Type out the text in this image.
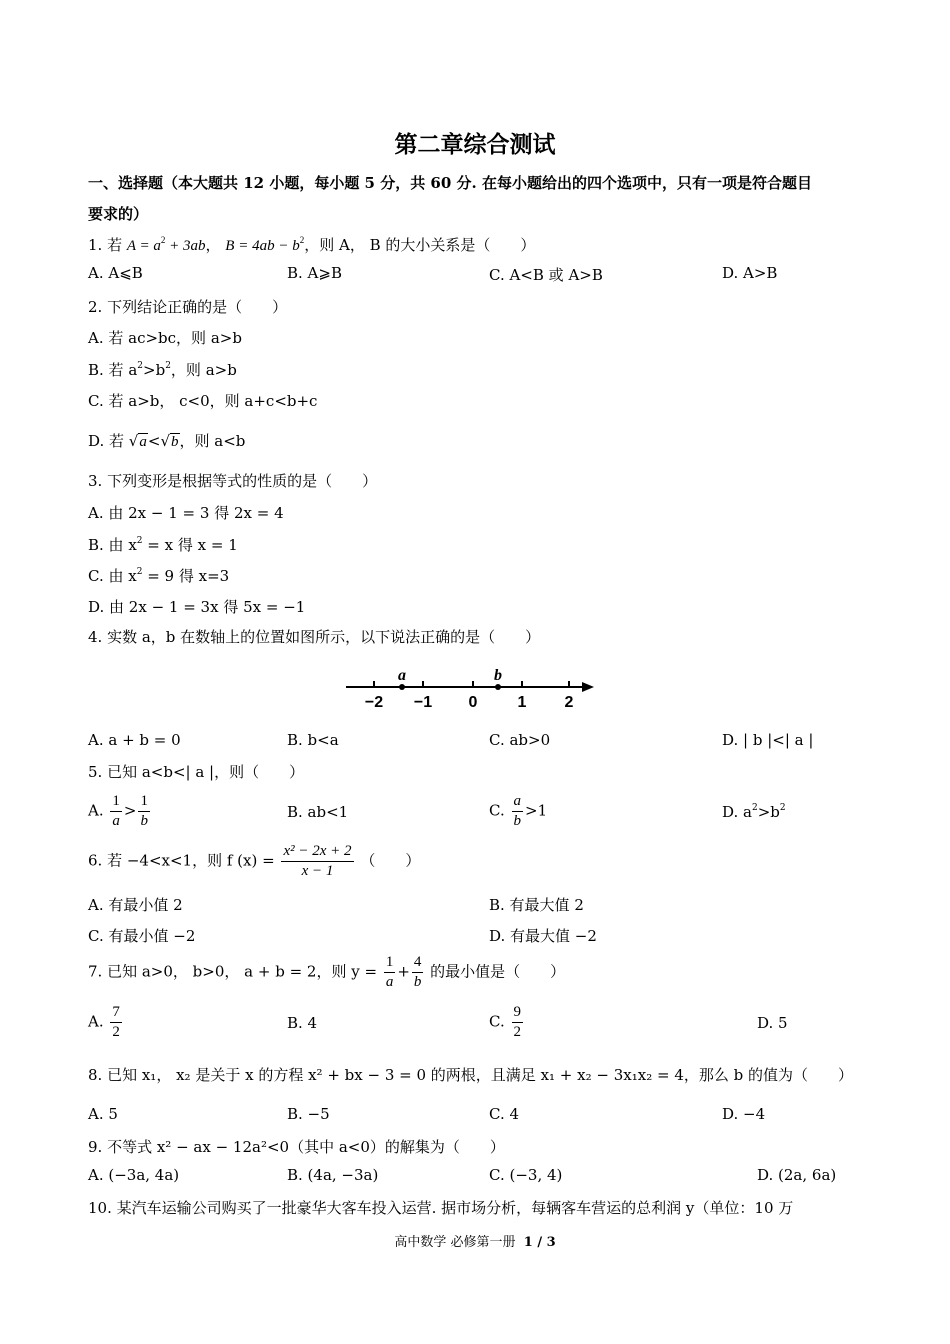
第二章综合测试
一、选择题（本大题共 12 小题，每小题 5 分，共 60 分. 在每小题给出的四个选项中，只有一项是符合题目
要求的）
1. 若 $A = a^2 + 3ab$， $B = 4ab - b^2$，则 A， B 的大小关系是（　　）
A. A⩽B	B. A⩾B	C. A<B 或 A>B	D. A>B
2. 下列结论正确的是（　　）
A. 若 ac>bc，则 a>b
B. 若 $a^2>b^2$，则 a>b
C. 若 a>b， c<0，则 a+c<b+c
D. 若 √a<√b，则 a<b
3. 下列变形是根据等式的性质的是（　　）
A. 由 2x − 1 = 3 得 2x = 4
B. 由 $x^2 = x$ 得 x = 1
C. 由 $x^2 = 9$ 得 x=3
D. 由 2x − 1 = 3x 得 5x = −1
4. 实数 a，b 在数轴上的位置如图所示，以下说法正确的是（　　）
a	b
−2 −1 0	1 2
A. a + b = 0	B. b<a	C. ab>0	D. | b |<| a |
5. 已知 a<b<| a |，则（　　）
A. $\frac{1}{a} > \frac{1}{b}$	B. ab<1	C. $\frac{a}{b} >1$	D. $a^2>b^2$
6. 若 −4<x<1，则 f $(x) = \frac{\text{x² − 2x + 2}}{x - 1}$ （　　）
A. 有最小值 2	B. 有最大值 2
C. 有最小值 −2	D. 有最大值 −2
7. 已知 a>0， b>0， a + b = 2，则 $y = \frac{1}{a} + \frac{4}{b}$ 的最小值是（　　）
A. $\frac{7}{2}$	B. 4	C. $\frac{9}{2}$	D. 5
8. 已知 x₁， x₂ 是关于 x 的方程 x² + bx − 3 = 0 的两根，且满足 x₁ + x₂ − 3x₁x₂ = 4，那么 b 的值为（　　）
A. 5	B. −5	C. 4	D. −4
9. 不等式 x² − ax − 12a²<0（其中 a<0）的解集为（　　）
A. (−3a, 4a)	B. (4a, −3a)	C. (−3, 4)	D. (2a, 6a)
10. 某汽车运输公司购买了一批豪华大客车投入运营. 据市场分析，每辆客车营运的总利润 y（单位：10 万
高中数学 必修第一册 1 / 3
